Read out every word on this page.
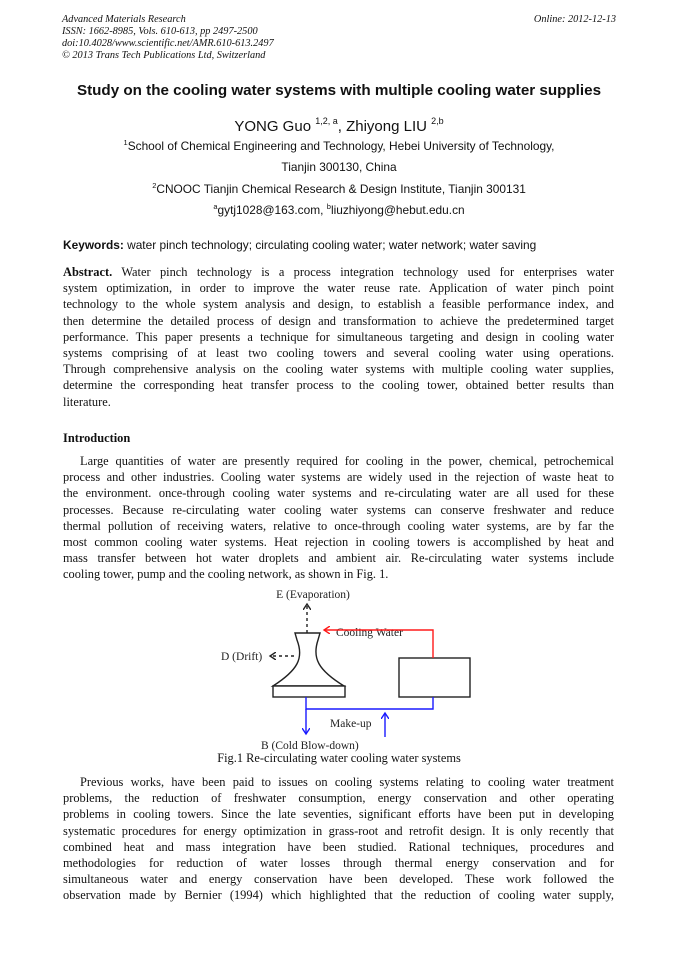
Advanced Materials Research
ISSN: 1662-8985, Vols. 610-613, pp 2497-2500
doi:10.4028/www.scientific.net/AMR.610-613.2497
© 2013 Trans Tech Publications Ltd, Switzerland
Online: 2012-12-13
Study on the cooling water systems with multiple cooling water supplies
YONG Guo $^{1,2, a}$, Zhiyong LIU $^{2,b}$
$^1$School of Chemical Engineering and Technology, Hebei University of Technology,
Tianjin 300130, China
$^2$CNOOC Tianjin Chemical Research & Design Institute, Tianjin 300131
$^a$gytj1028@163.com, $^b$liuzhiyong@hebut.edu.cn
Keywords: water pinch technology; circulating cooling water; water network; water saving
Abstract. Water pinch technology is a process integration technology used for enterprises water
system optimization, in order to improve the water reuse rate. Application of water pinch point
technology to the whole system analysis and design, to establish a feasible performance index, and
then determine the detailed process of design and transformation to achieve the predetermined target
performance. This paper presents a technique for simultaneous targeting and design in cooling water
systems comprising of at least two cooling towers and several cooling water using operations.
Through comprehensive analysis on the cooling water systems with multiple cooling water supplies,
determine the corresponding heat transfer process to the cooling tower, obtained better results than
literature.
Introduction
Large quantities of water are presently required for cooling in the power, chemical, petrochemical
process and other industries. Cooling water systems are widely used in the rejection of waste heat to
the environment. once-through cooling water systems and re-circulating water are all used for these
processes. Because re-circulating water cooling water systems can conserve freshwater and reduce
thermal pollution of receiving waters, relative to once-through cooling water systems, are by far the
most common cooling water systems. Heat rejection in cooling towers is accomplished by heat and
mass transfer between hot water droplets and ambient air. Re-circulating water systems include
cooling tower, pump and the cooling network, as shown in Fig. 1.
E (Evaporation)
D (Drift)
Cooling Water
Make-up
B (Cold Blow-down)
Fig.1 Re-circulating water cooling water systems
Previous works, have been paid to issues on cooling systems relating to cooling water treatment
problems, the reduction of freshwater consumption, energy conservation and other operating
problems in cooling towers. Since the late seventies, significant efforts have been put in developing
systematic procedures for energy optimization in grass-root and retrofit design. It is only recently that
combined heat and mass integration have been studied. Rational techniques, procedures and
methodologies for reduction of water losses through thermal energy conservation and for
simultaneous water and energy conservation have been developed. These work followed the
observation made by Bernier (1994) which highlighted that the reduction of cooling water supply,
